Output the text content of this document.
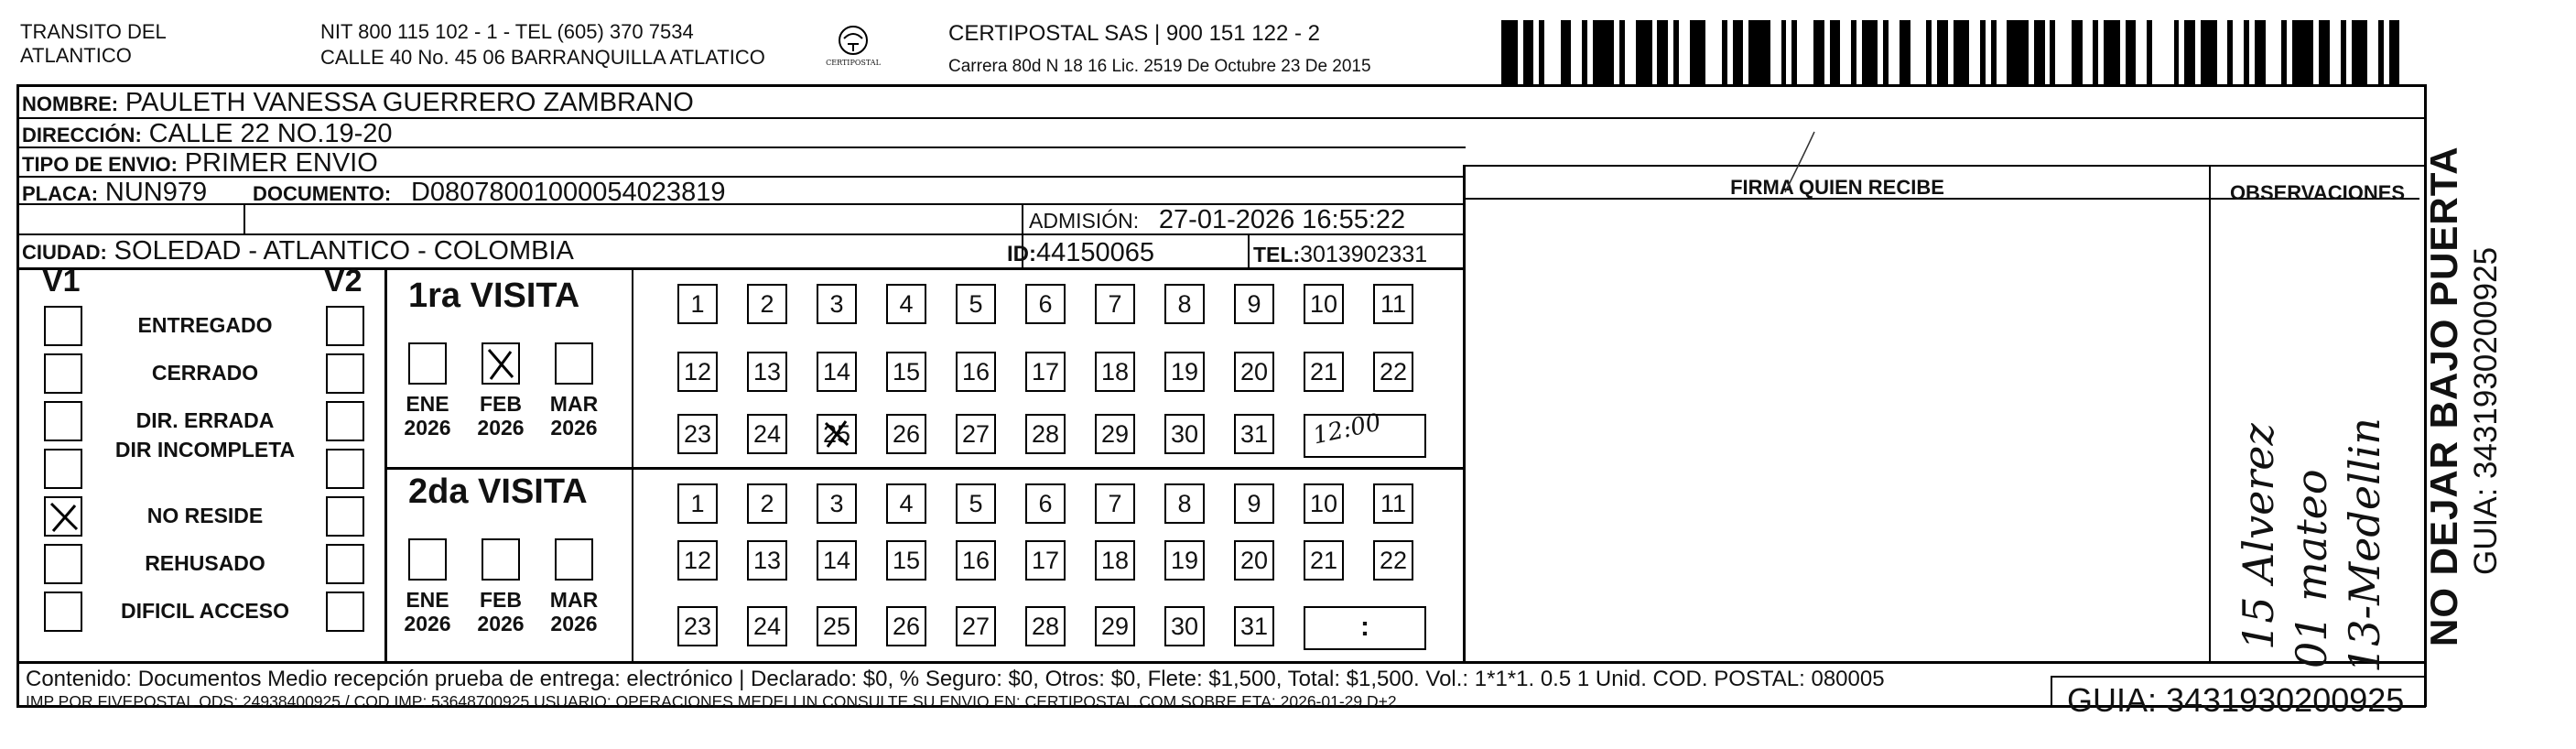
TRANSITO DEL
ATLANTICO
NIT 800 115 102 - 1 - TEL (605) 370 7534
CALLE 40 No. 45 06 BARRANQUILLA ATLATICO	CERTIPOSTAL
CERTIPOSTAL SAS | 900 151 122 - 2
Carrera 80d N 18 16 Lic. 2519 De Octubre 23 De 2015
NOMBRE: PAULETH VANESSA GUERRERO ZAMBRANO
DIRECCIÓN: CALLE 22 NO.19-20
TIPO DE ENVIO: PRIMER ENVIO
PLACA: NUN979 DOCUMENTO: D08078001000054023819
ADMISIÓN: 27-01-2026 16:55:22
CIUDAD: SOLEDAD - ATLANTICO - COLOMBIA	ID:44150065	TEL:3013902331
FIRMA QUIEN RECIBE	OBSERVACIONES
15 Alverez 01 mateo 13-Medellin
V1	V2
ENTREGADO
CERRADO
DIR. ERRADA
DIR INCOMPLETA
NO RESIDE
REHUSADO
DIFICIL ACCESO
1ra VISITA
2da VISITA
ENE
2026
FEB
2026
MAR
2026
ENE
2026
FEB
2026
MAR
2026
1	2	3	4	5	6	7	8	9	10 11
12 13 14 15 16 17 18 19 20 21 22
23 24 25 26 27 28 29 30 31
1	2	3	4	5	6	7	8	9	10 11
12 13 14 15 16 17 18 19 20 21 22
23 24 25 26 27 28 29 30 31
12:00
:
Contenido: Documentos Medio recepción prueba de entrega: electrónico | Declarado: $0, % Seguro: $0, Otros: $0, Flete: $1,500, Total: $1,500. Vol.: 1*1*1. 0.5 1 Unid. COD. POSTAL: 080005
IMP POR FIVEPOSTAL ODS: 24938400925 / COD.IMP: 53648700925 USUARIO: OPERACIONES MEDELLIN CONSULTE SU ENVIO EN: CERTIPOSTAL.COM SOBRE ETA: 2026-01-29 D+2	GUIA: 3431930200925
NO DEJAR BAJO PUERTA GUIA: 3431930200925
